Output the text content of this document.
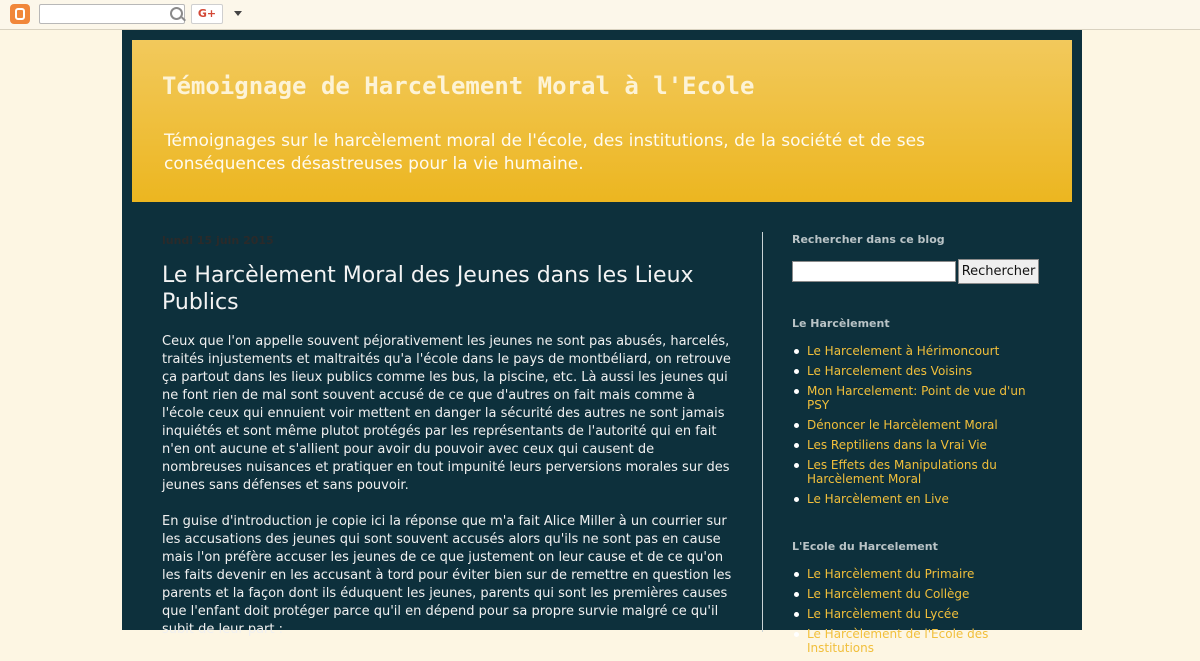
G+
Témoignage de Harcelement Moral à l'Ecole
Témoignages sur le harcèlement moral de l'école, des institutions, de la société et de ses conséquences désastreuses pour la vie humaine.
lundi 15 juin 2015
Le Harcèlement Moral des Jeunes dans les Lieux Publics

Ceux que l'on appelle souvent péjorativement les jeunes ne sont pas abusés, harcelés, traités injustements et maltraités qu'a l'école dans le pays de montbéliard, on retrouve ça partout dans les lieux publics comme les bus, la piscine, etc. Là aussi les jeunes qui ne font rien de mal sont souvent accusé de ce que d'autres on fait mais comme à l'école ceux qui ennuient voir mettent en danger la sécurité des autres ne sont jamais inquiétés et sont même plutot protégés par les représentants de l'autorité qui en fait n'en ont aucune et s'allient pour avoir du pouvoir avec ceux qui causent de nombreuses nuisances et pratiquer en tout impunité leurs perversions morales sur des jeunes sans défenses et sans pouvoir.

En guise d'introduction je copie ici la réponse que m'a fait Alice Miller à un courrier sur les accusations des jeunes qui sont souvent accusés alors qu'ils ne sont pas en cause mais l'on préfère accuser les jeunes de ce que justement on leur cause et de ce qu'on les faits devenir en les accusant à tord pour éviter bien sur de remettre en question les parents et la façon dont ils éduquent les jeunes, parents qui sont les premières causes que l'enfant doit protéger parce qu'il en dépend pour sa propre survie malgré ce qu'il subit de leur part :

Rechercher dans ce blog
Rechercher
Le Harcèlement
Le Harcelement à Hérimoncourt
Le Harcelement des Voisins
Mon Harcelement: Point de vue d'un PSY
Dénoncer le Harcèlement Moral
Les Reptiliens dans la Vrai Vie
Les Effets des Manipulations du Harcèlement Moral
Le Harcèlement en Live
L'Ecole du Harcelement
Le Harcèlement du Primaire
Le Harcèlement du Collège
Le Harcèlement du Lycée
Le Harcèlement de l'Ecole des Institutions
